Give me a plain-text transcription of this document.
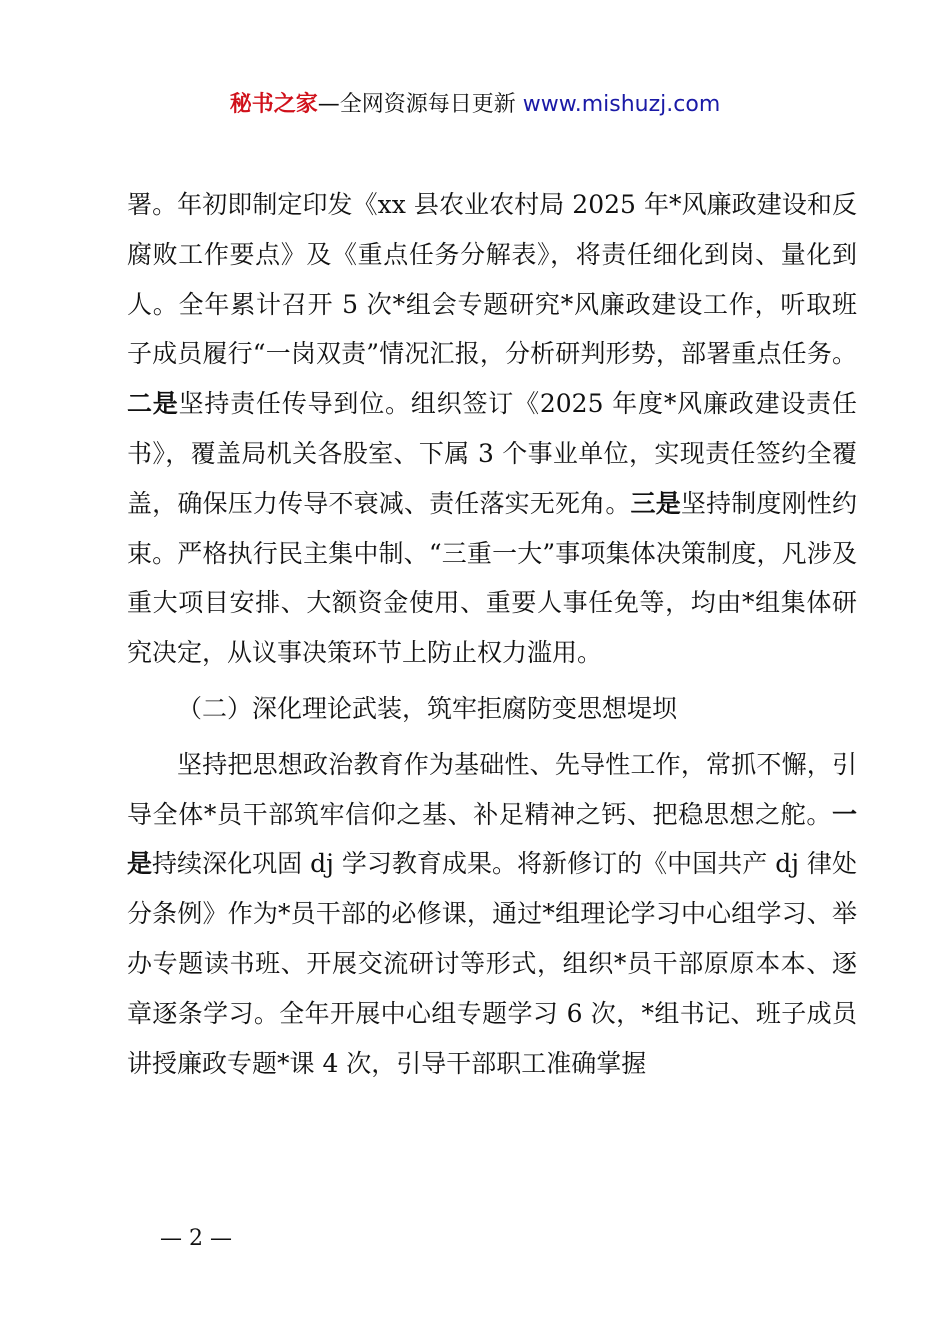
秘书之家—全网资源每日更新 www.mishuzj.com

署。年初即制定印发《xx 县农业农村局 2025 年*风廉政建设和反腐败工作要点》及《重点任务分解表》，将责任细化到岗、量化到人。全年累计召开 5 次*组会专题研究*风廉政建设工作，听取班子成员履行“一岗双责”情况汇报，分析研判形势，部署重点任务。二是坚持责任传导到位。组织签订《2025 年度*风廉政建设责任书》，覆盖局机关各股室、下属 3 个事业单位，实现责任签约全覆盖，确保压力传导不衰减、责任落实无死角。三是坚持制度刚性约束。严格执行民主集中制、“三重一大”事项集体决策制度，凡涉及重大项目安排、大额资金使用、重要人事任免等，均由*组集体研究决定，从议事决策环节上防止权力滥用。

（二）深化理论武装，筑牢拒腐防变思想堤坝

坚持把思想政治教育作为基础性、先导性工作，常抓不懈，引导全体*员干部筑牢信仰之基、补足精神之钙、把稳思想之舵。一是持续深化巩固 dj 学习教育成果。将新修订的《中国共产 dj 律处分条例》作为*员干部的必修课，通过*组理论学习中心组学习、举办专题读书班、开展交流研讨等形式，组织*员干部原原本本、逐章逐条学习。全年开展中心组专题学习 6 次，*组书记、班子成员讲授廉政专题*课 4 次，引导干部职工准确掌握

— 2 —
